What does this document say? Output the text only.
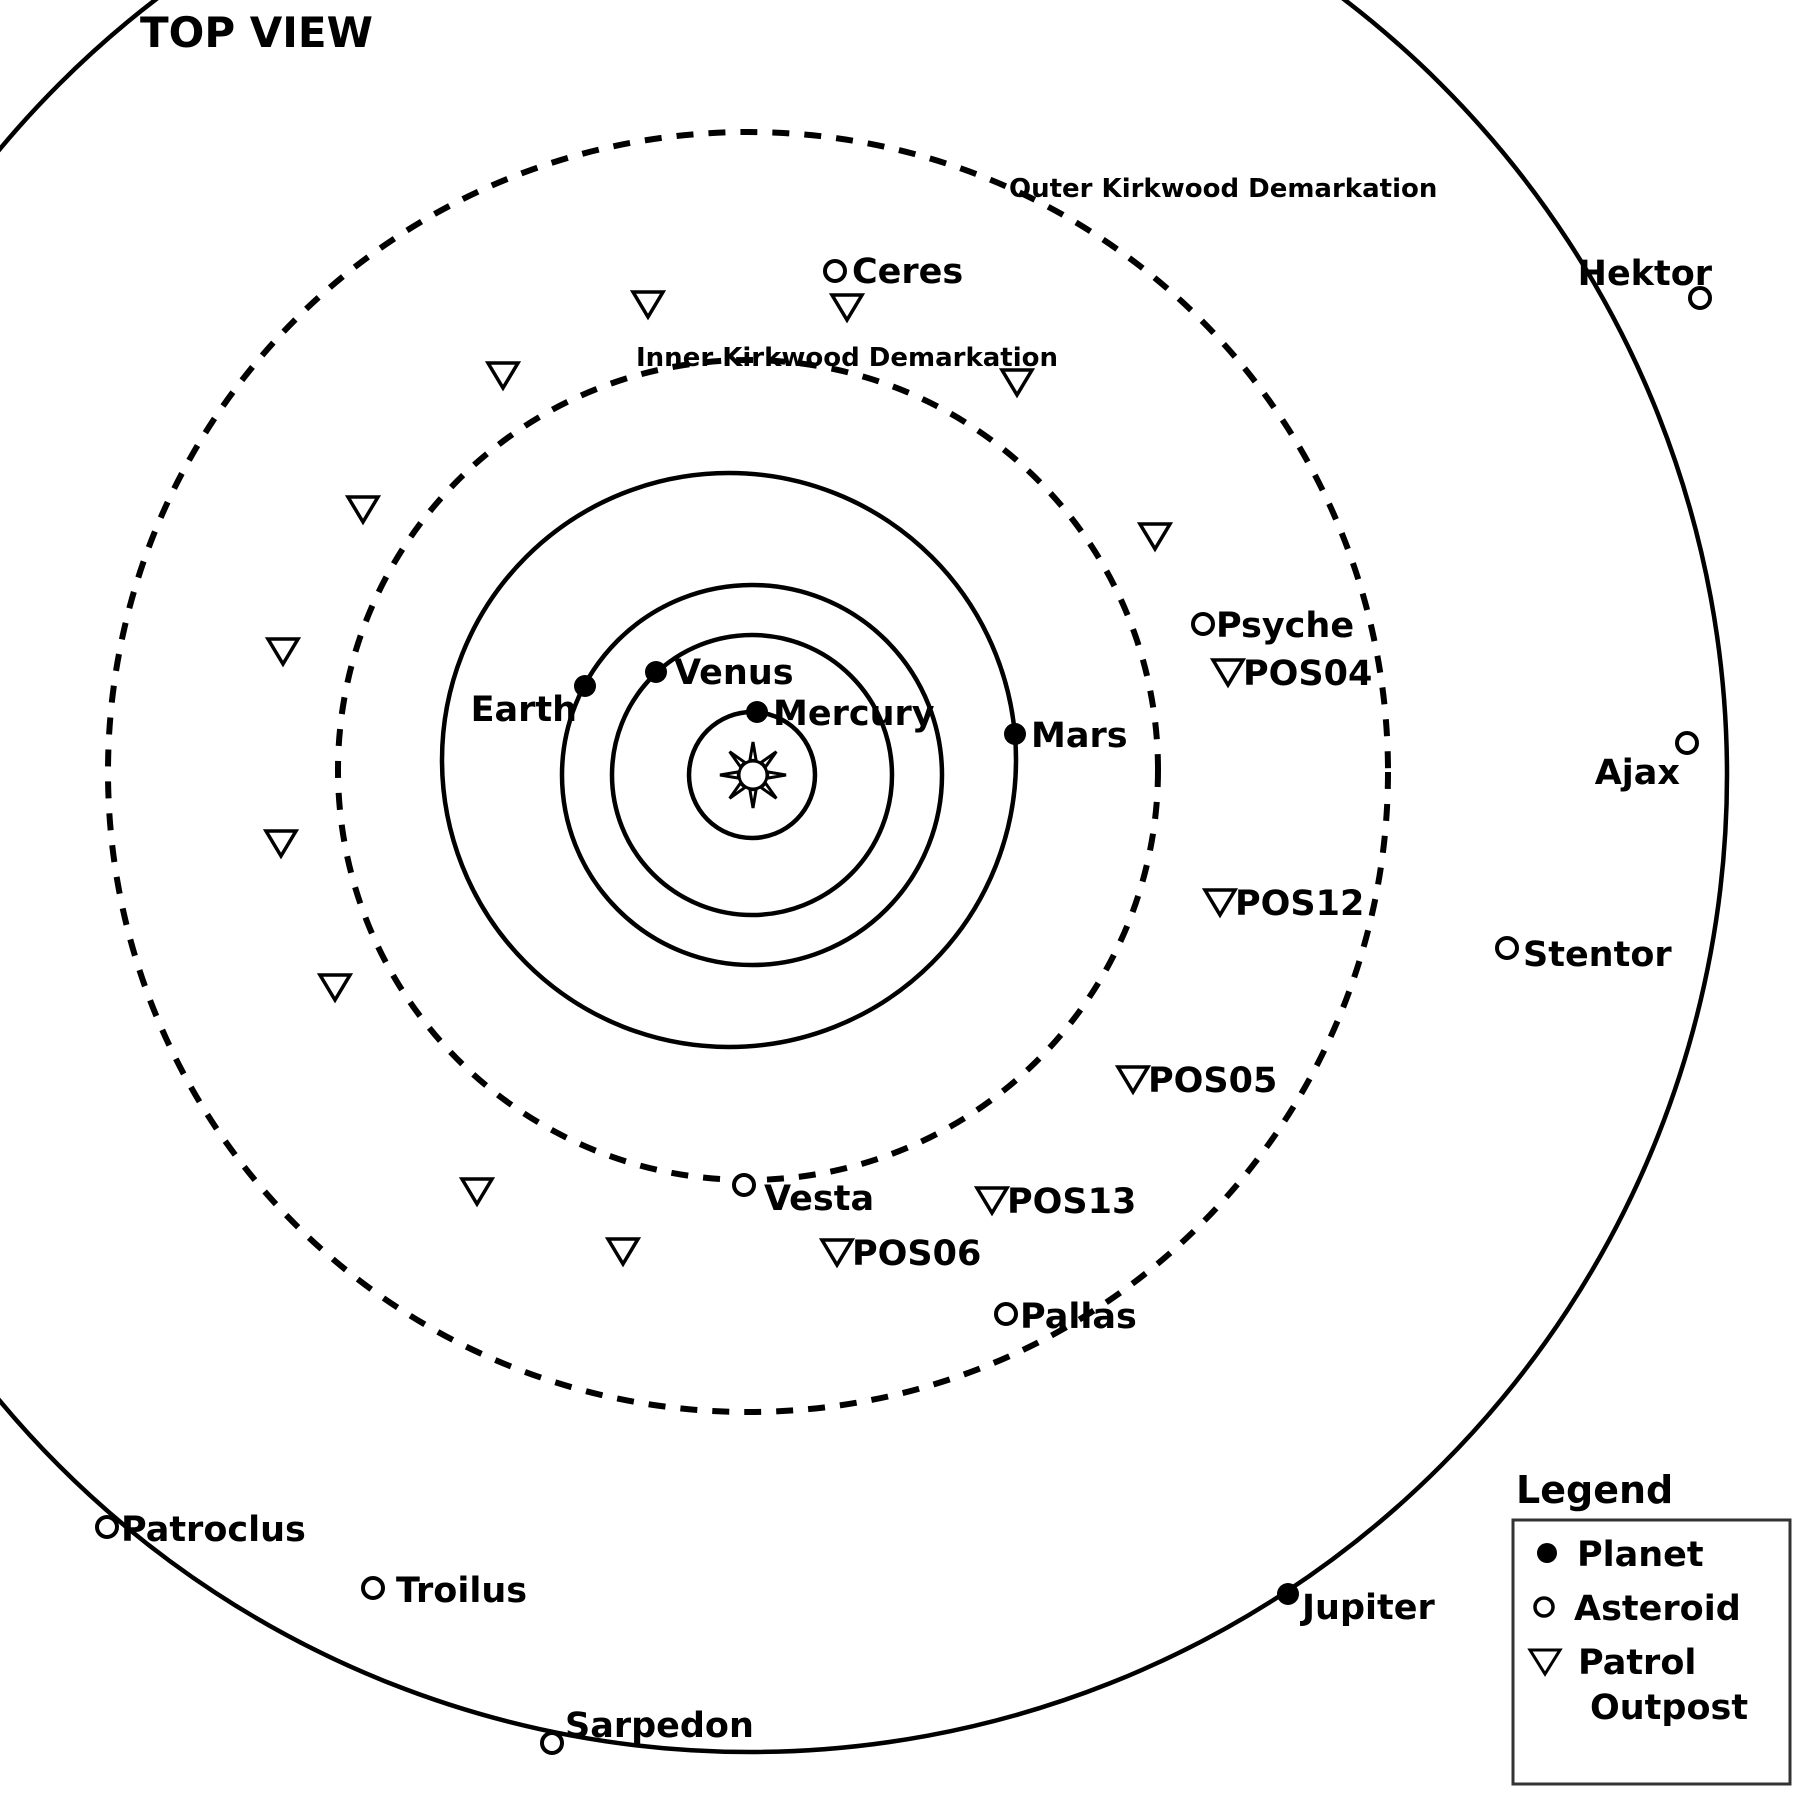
Mercury
Venus
Earth
Mars
Jupiter
Ceres
Vesta
Pallas
Psyche
Hektor
Ajax
Stentor
Patroclus
Troilus
Sarpedon
POS04
POS12
POS05
POS13
POS06
TOP VIEW
Outer Kirkwood Demarkation
Inner Kirkwood Demarkation
Legend
Planet
Asteroid
Patrol
Outpost
